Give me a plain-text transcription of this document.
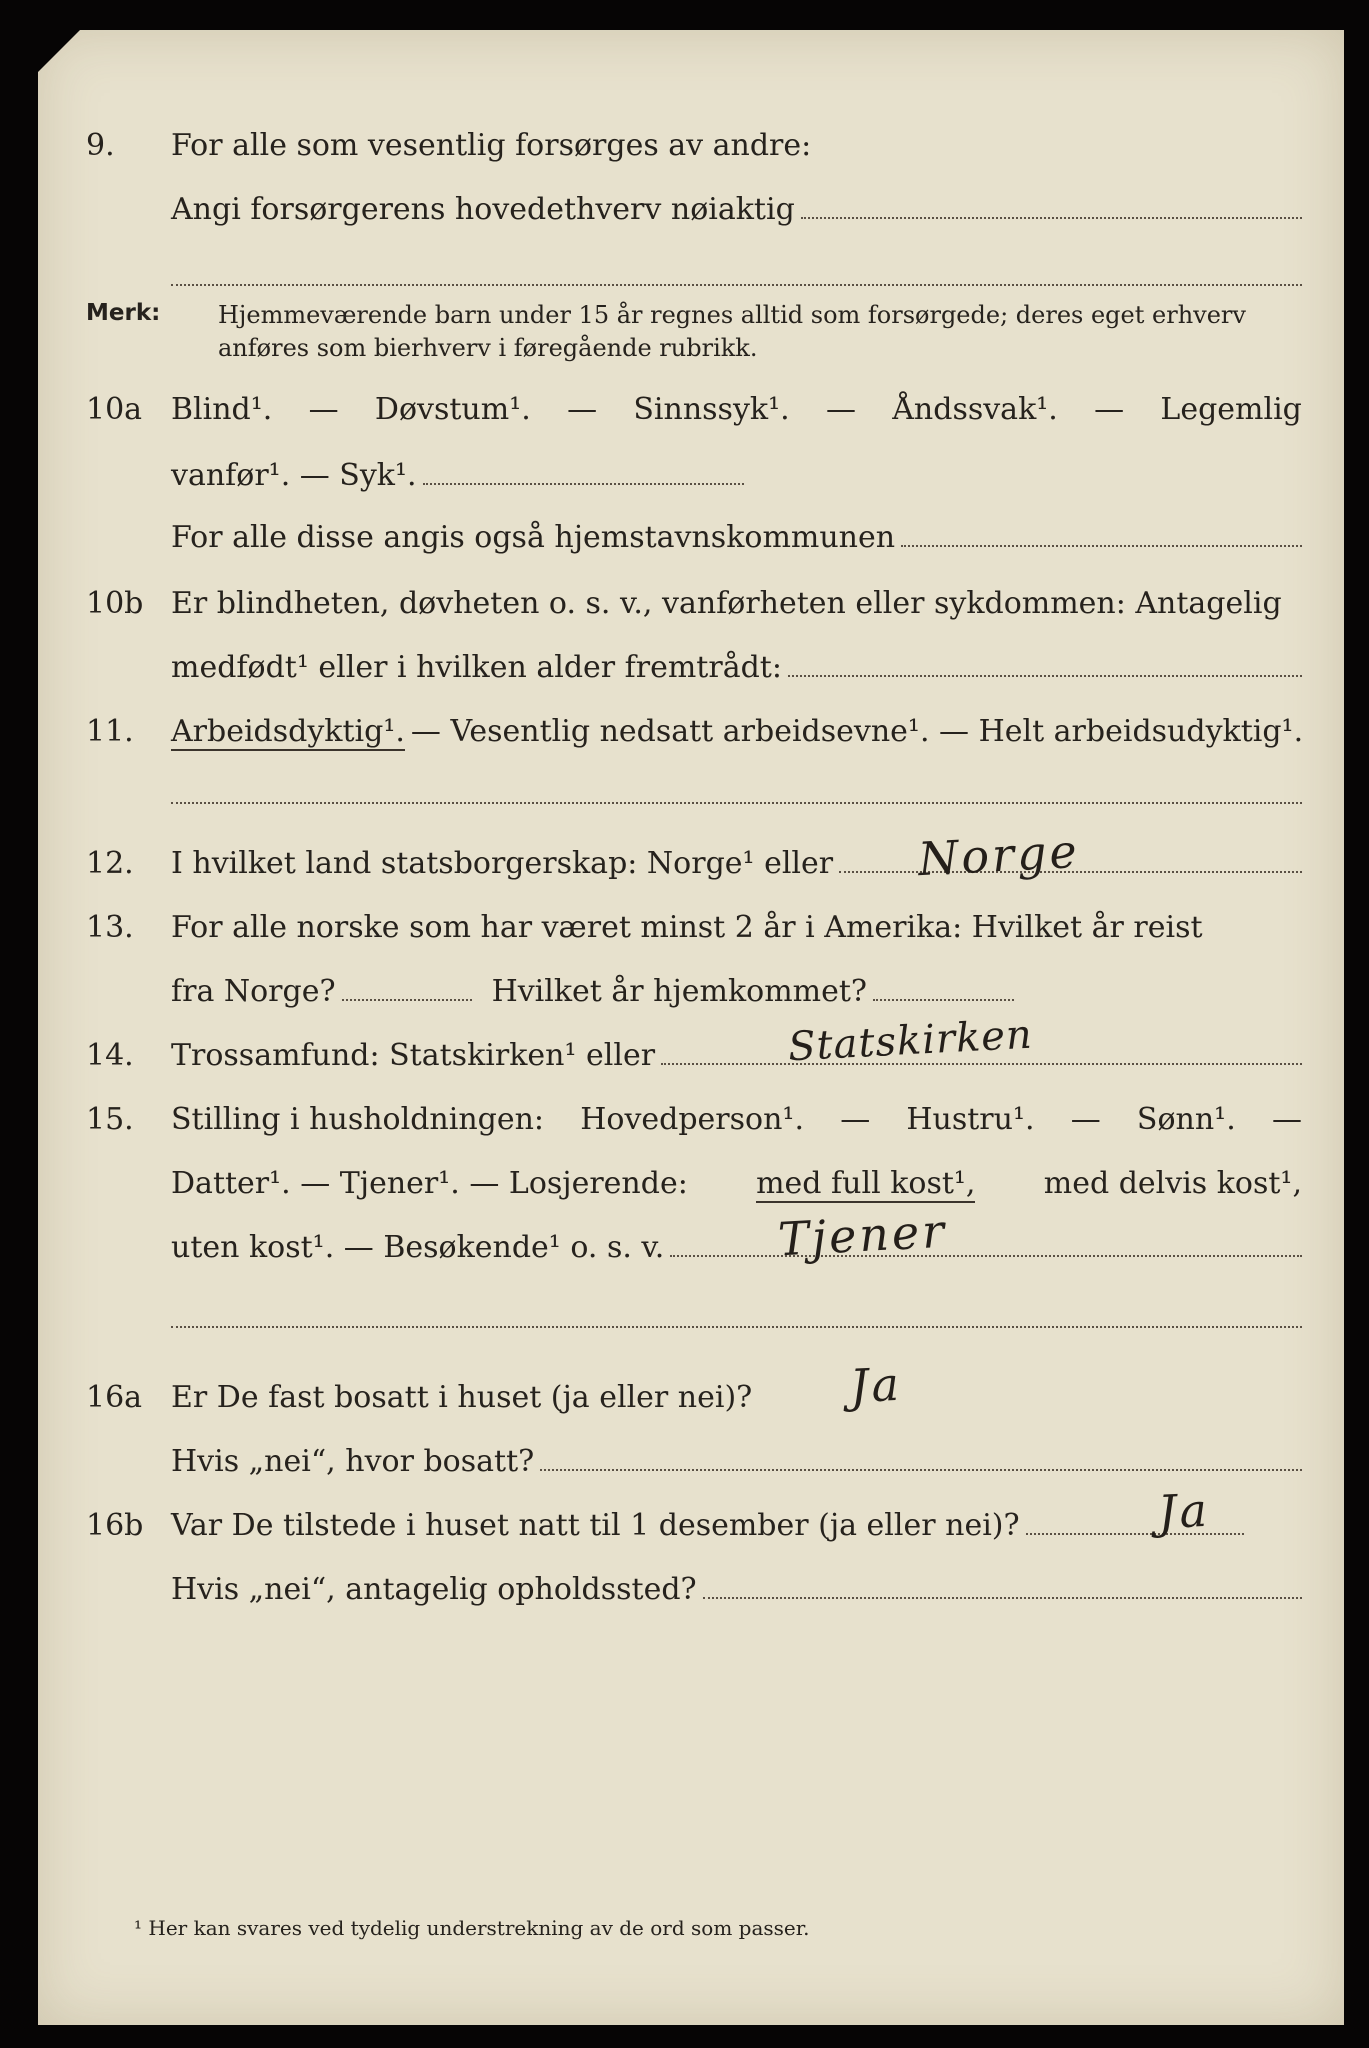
9. For alle som vesentlig forsørges av andre:
Angi forsørgerens hovedethverv nøiaktig
Merk: Hjemmeværende barn under 15 år regnes alltid som forsørgede; deres eget erhverv
anføres som bierhverv i føregående rubrikk.
10a Blind¹. — Døvstum¹. — Sinnssyk¹. — Åndssvak¹. — Legemlig
vanfør¹. — Syk¹.
For alle disse angis også hjemstavnskommunen
10b Er blindheten, døvheten o. s. v., vanførheten eller sykdommen: Antagelig
medfødt¹ eller i hvilken alder fremtrådt:
11. Arbeidsdyktig¹. — Vesentlig nedsatt arbeidsevne¹. — Helt arbeidsudyktig¹.
12. I hvilket land statsborgerskap: Norge¹ eller Norge
13. For alle norske som har været minst 2 år i Amerika: Hvilket år reist
fra Norge?	Hvilket år hjemkommet?
14. Trossamfund: Statskirken¹ eller	Statskirken
15. Stilling i husholdningen: Hovedperson¹. — Hustru¹. — Sønn¹. —
Datter¹. — Tjener¹. — Losjerende: med full kost¹, med delvis kost¹,
uten kost¹. — Besøkende¹ o. s. v. Tjener
16a Er De fast bosatt i huset (ja eller nei)?	Ja
Hvis „nei“, hvor bosatt?
16b Var De tilstede i huset natt til 1 desember (ja eller nei)?	Ja
Hvis „nei“, antagelig opholdssted?
¹ Her kan svares ved tydelig understrekning av de ord som passer.
